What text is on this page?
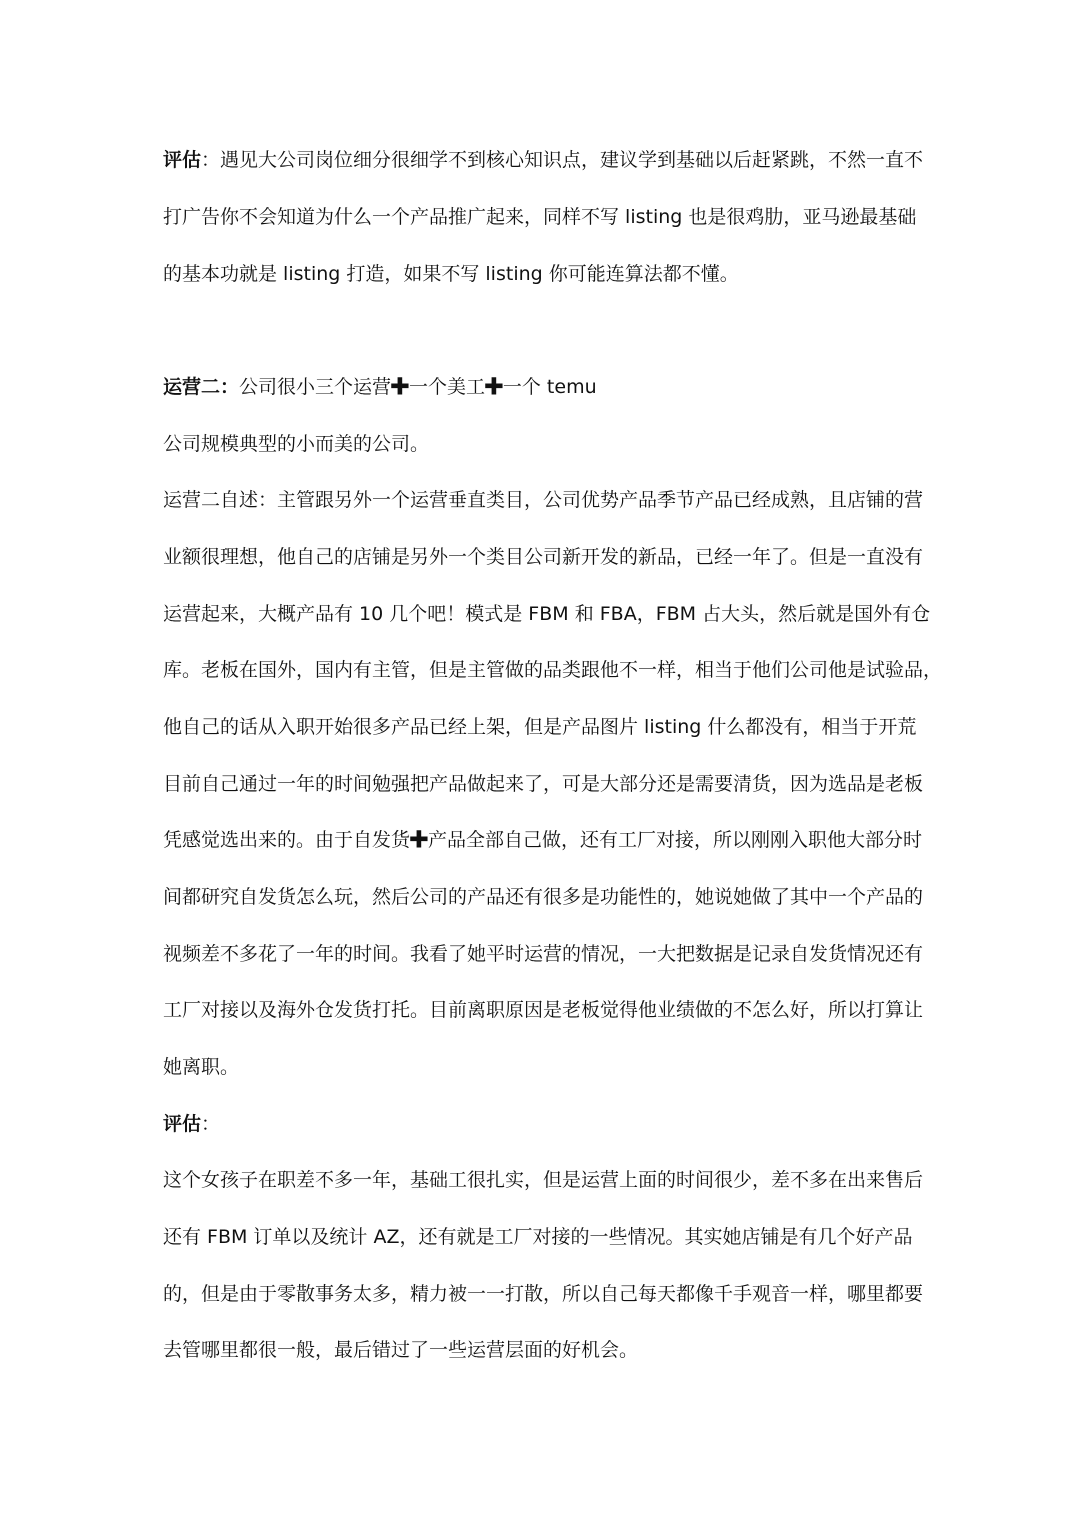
评估：遇见大公司岗位细分很细学不到核心知识点，建议学到基础以后赶紧跳，不然一直不
打广告你不会知道为什么一个产品推广起来，同样不写 listing 也是很鸡肋，亚马逊最基础
的基本功就是 listing 打造，如果不写 listing 你可能连算法都不懂。
运营二：公司很小三个运营✚一个美工✚一个 temu
公司规模典型的小而美的公司。
运营二自述：主管跟另外一个运营垂直类目，公司优势产品季节产品已经成熟，且店铺的营
业额很理想，他自己的店铺是另外一个类目公司新开发的新品，已经一年了。但是一直没有
运营起来，大概产品有 10 几个吧！模式是 FBM 和 FBA，FBM 占大头，然后就是国外有仓
库。老板在国外，国内有主管，但是主管做的品类跟他不一样，相当于他们公司他是试验品，
他自己的话从入职开始很多产品已经上架，但是产品图片 listing 什么都没有，相当于开荒
目前自己通过一年的时间勉强把产品做起来了，可是大部分还是需要清货，因为选品是老板
凭感觉选出来的。由于自发货✚产品全部自己做，还有工厂对接，所以刚刚入职他大部分时
间都研究自发货怎么玩，然后公司的产品还有很多是功能性的，她说她做了其中一个产品的
视频差不多花了一年的时间。我看了她平时运营的情况，一大把数据是记录自发货情况还有
工厂对接以及海外仓发货打托。目前离职原因是老板觉得他业绩做的不怎么好，所以打算让
她离职。
评估：
这个女孩子在职差不多一年，基础工很扎实，但是运营上面的时间很少，差不多在出来售后
还有 FBM 订单以及统计 AZ，还有就是工厂对接的一些情况。其实她店铺是有几个好产品
的，但是由于零散事务太多，精力被一一打散，所以自己每天都像千手观音一样，哪里都要
去管哪里都很一般，最后错过了一些运营层面的好机会。
